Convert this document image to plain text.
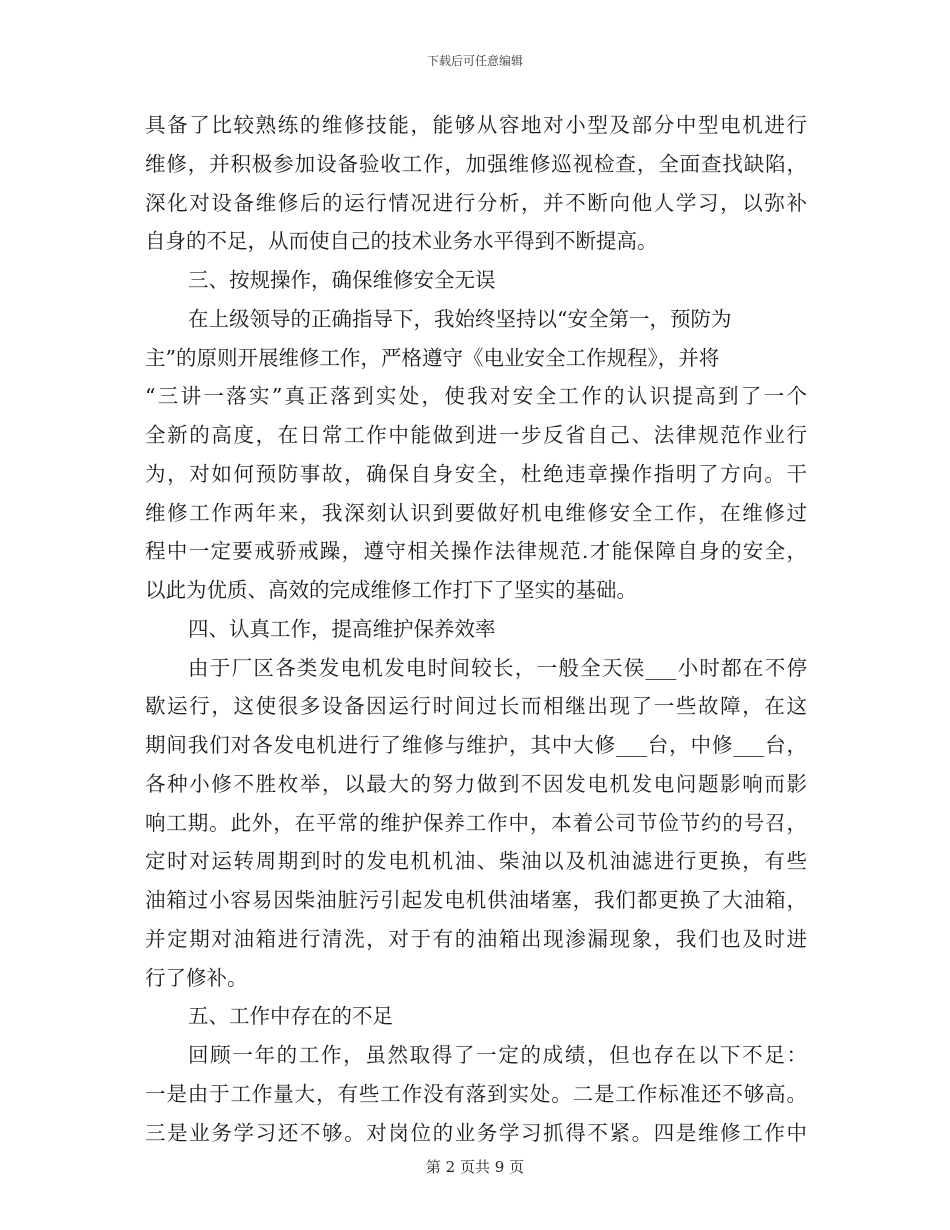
下载后可任意编辑
具备了比较熟练的维修技能，能够从容地对小型及部分中型电机进行
维修，并积极参加设备验收工作，加强维修巡视检查，全面查找缺陷，
深化对设备维修后的运行情况进行分析，并不断向他人学习，以弥补
自身的不足，从而使自己的技术业务水平得到不断提高。
三、按规操作，确保维修安全无误
在上级领导的正确指导下，我始终坚持以“安全第一，预防为
主”的原则开展维修工作，严格遵守《电业安全工作规程》，并将
“三讲一落实”真正落到实处，使我对安全工作的认识提高到了一个
全新的高度，在日常工作中能做到进一步反省自己、法律规范作业行
为，对如何预防事故，确保自身安全，杜绝违章操作指明了方向。干
维修工作两年来，我深刻认识到要做好机电维修安全工作，在维修过
程中一定要戒骄戒躁，遵守相关操作法律规范.才能保障自身的安全，
以此为优质、高效的完成维修工作打下了坚实的基础。
四、认真工作，提高维护保养效率
由于厂区各类发电机发电时间较长，一般全天侯___小时都在不停
歇运行，这使很多设备因运行时间过长而相继出现了一些故障，在这
期间我们对各发电机进行了维修与维护，其中大修___台，中修___台，
各种小修不胜枚举，以最大的努力做到不因发电机发电问题影响而影
响工期。此外，在平常的维护保养工作中，本着公司节俭节约的号召，
定时对运转周期到时的发电机机油、柴油以及机油滤进行更换，有些
油箱过小容易因柴油脏污引起发电机供油堵塞，我们都更换了大油箱，
并定期对油箱进行清洗，对于有的油箱出现渗漏现象，我们也及时进
行了修补。
五、工作中存在的不足
回顾一年的工作，虽然取得了一定的成绩，但也存在以下不足：
一是由于工作量大，有些工作没有落到实处。二是工作标准还不够高。
三是业务学习还不够。对岗位的业务学习抓得不紧。四是维修工作中
第 2 页共 9 页
